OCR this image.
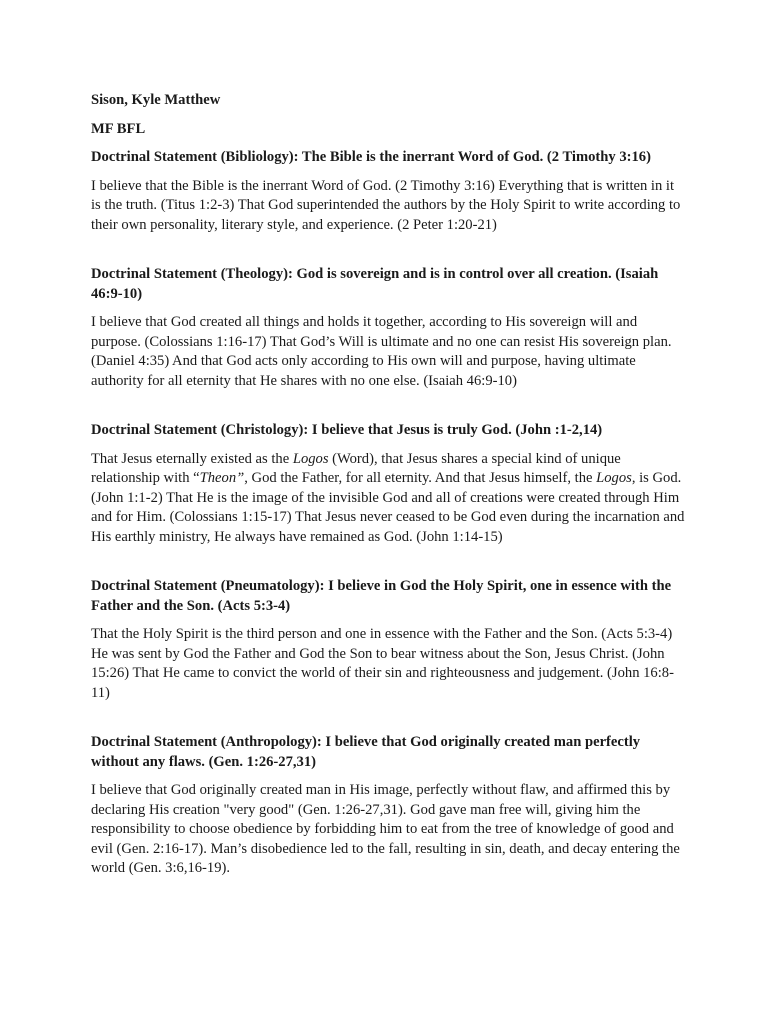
Sison, Kyle Matthew

MF BFL

Doctrinal Statement (Bibliology): The Bible is the inerrant Word of God. (2 Timothy 3:16)

I believe that the Bible is the inerrant Word of God. (2 Timothy 3:16) Everything that is written in it is the truth. (Titus 1:2-3) That God superintended the authors by the Holy Spirit to write according to their own personality, literary style, and experience. (2 Peter 1:20-21)

Doctrinal Statement (Theology): God is sovereign and is in control over all creation. (Isaiah 46:9-10)

I believe that God created all things and holds it together, according to His sovereign will and purpose. (Colossians 1:16-17) That God’s Will is ultimate and no one can resist His sovereign plan. (Daniel 4:35) And that God acts only according to His own will and purpose, having ultimate authority for all eternity that He shares with no one else. (Isaiah 46:9-10)

Doctrinal Statement (Christology): I believe that Jesus is truly God. (John :1-2,14)

That Jesus eternally existed as the Logos (Word), that Jesus shares a special kind of unique relationship with “Theon”, God the Father, for all eternity. And that Jesus himself, the Logos, is God. (John 1:1-2) That He is the image of the invisible God and all of creations were created through Him and for Him. (Colossians 1:15-17) That Jesus never ceased to be God even during the incarnation and His earthly ministry, He always have remained as God. (John 1:14-15)

Doctrinal Statement (Pneumatology): I believe in God the Holy Spirit, one in essence with the Father and the Son. (Acts 5:3-4)

That the Holy Spirit is the third person and one in essence with the Father and the Son. (Acts 5:3-4) He was sent by God the Father and God the Son to bear witness about the Son, Jesus Christ. (John 15:26) That He came to convict the world of their sin and righteousness and judgement. (John 16:8-11)

Doctrinal Statement (Anthropology): I believe that God originally created man perfectly without any flaws. (Gen. 1:26-27,31)

I believe that God originally created man in His image, perfectly without flaw, and affirmed this by declaring His creation "very good" (Gen. 1:26-27,31). God gave man free will, giving him the responsibility to choose obedience by forbidding him to eat from the tree of knowledge of good and evil (Gen. 2:16-17). Man’s disobedience led to the fall, resulting in sin, death, and decay entering the world (Gen. 3:6,16-19).
